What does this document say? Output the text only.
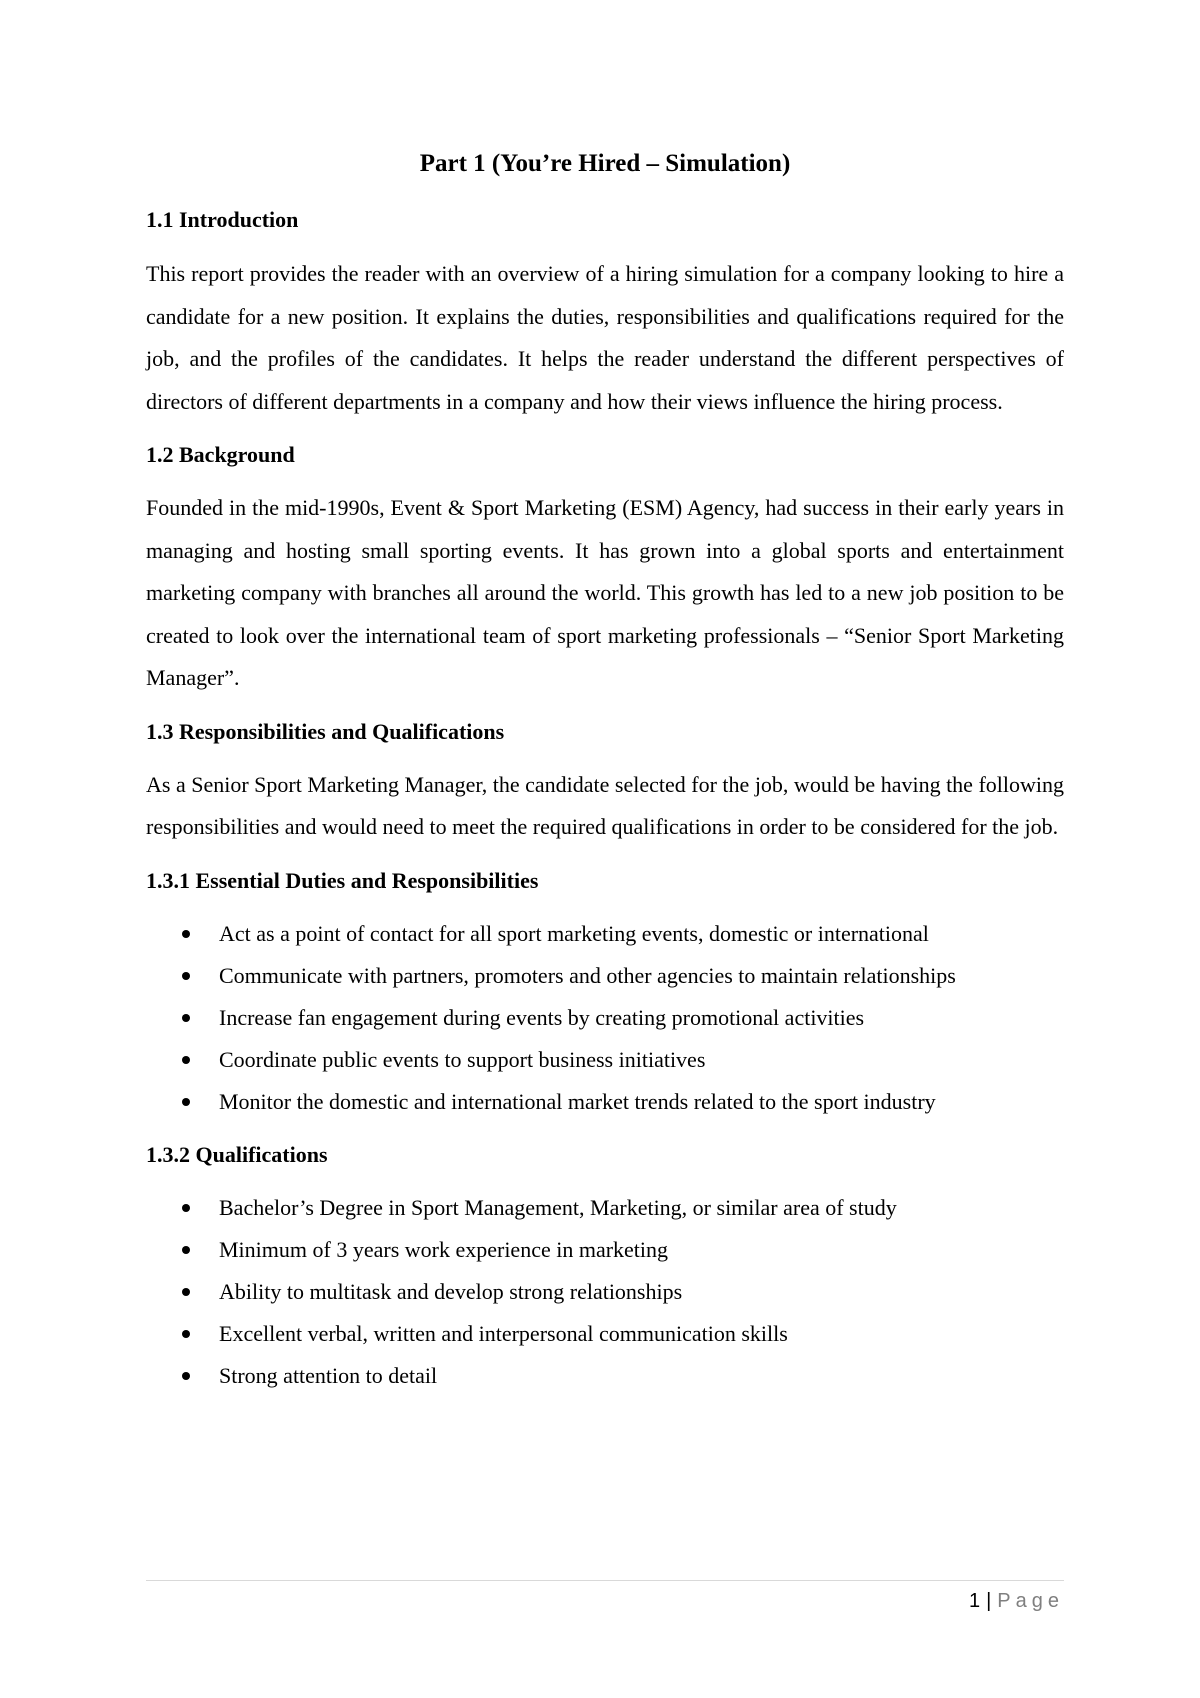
Part 1 (You’re Hired – Simulation)
1.1 Introduction

This report provides the reader with an overview of a hiring simulation for a company looking to hire a candidate for a new position. It explains the duties, responsibilities and qualifications required for the job, and the profiles of the candidates. It helps the reader understand the different perspectives of directors of different departments in a company and how their views influence the hiring process.

1.2 Background

Founded in the mid-1990s, Event & Sport Marketing (ESM) Agency, had success in their early years in managing and hosting small sporting events. It has grown into a global sports and entertainment marketing company with branches all around the world. This growth has led to a new job position to be created to look over the international team of sport marketing professionals – “Senior Sport Marketing Manager”.

1.3 Responsibilities and Qualifications

As a Senior Sport Marketing Manager, the candidate selected for the job, would be having the following responsibilities and would need to meet the required qualifications in order to be considered for the job.

1.3.1 Essential Duties and Responsibilities
Act as a point of contact for all sport marketing events, domestic or international
Communicate with partners, promoters and other agencies to maintain relationships
Increase fan engagement during events by creating promotional activities
Coordinate public events to support business initiatives
Monitor the domestic and international market trends related to the sport industry
1.3.2 Qualifications
Bachelor’s Degree in Sport Management, Marketing, or similar area of study
Minimum of 3 years work experience in marketing
Ability to multitask and develop strong relationships
Excellent verbal, written and interpersonal communication skills
Strong attention to detail
1 | Page
